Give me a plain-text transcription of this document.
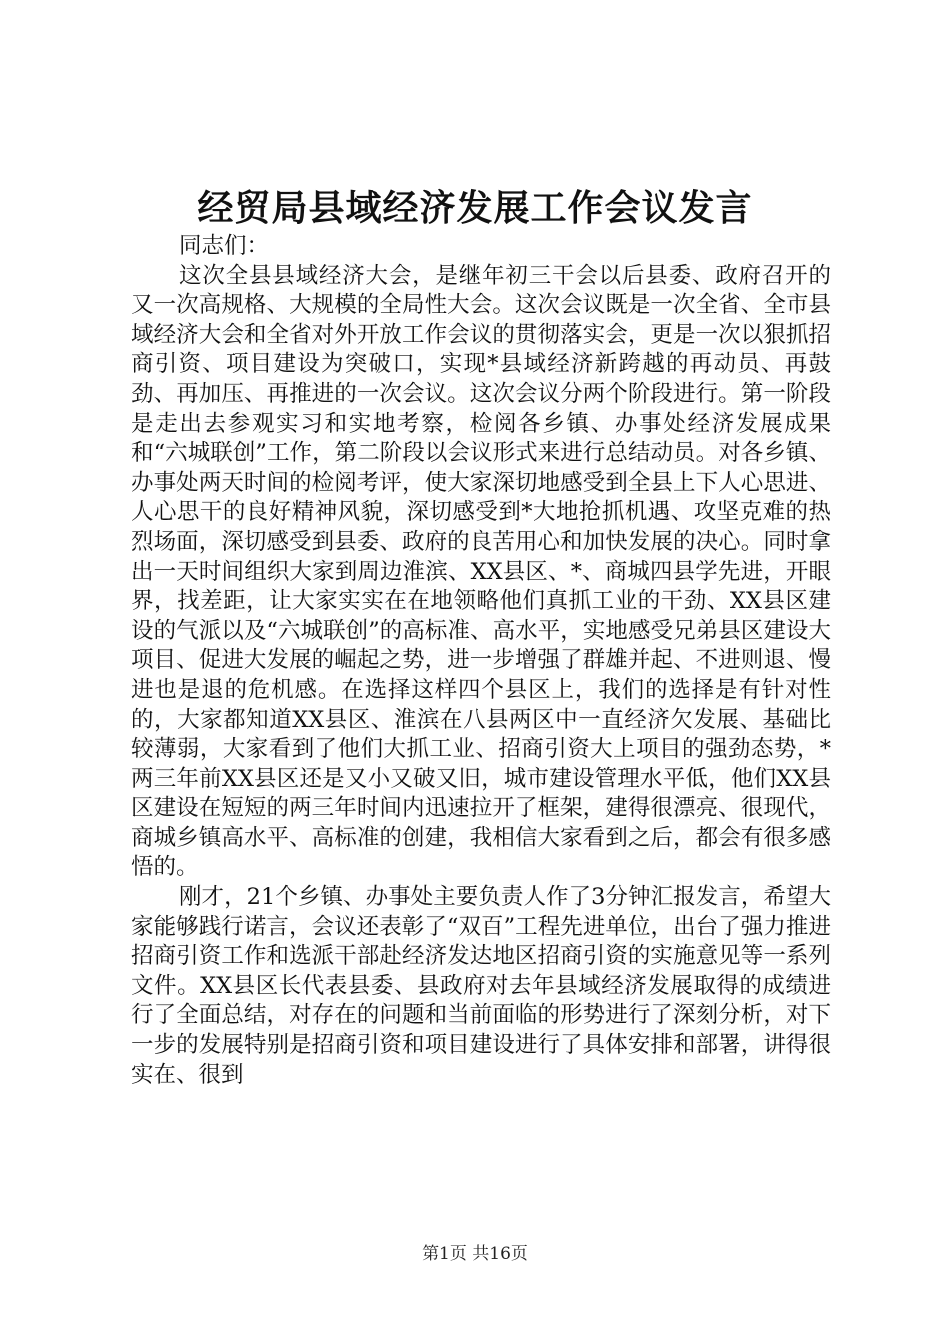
经贸局县域经济发展工作会议发言

同志们：

这次全县县域经济大会，是继年初三干会以后县委、政府召开的又一次高规格、大规模的全局性大会。这次会议既是一次全省、全市县域经济大会和全省对外开放工作会议的贯彻落实会，更是一次以狠抓招商引资、项目建设为突破口，实现*县域经济新跨越的再动员、再鼓劲、再加压、再推进的一次会议。这次会议分两个阶段进行。第一阶段是走出去参观实习和实地考察，检阅各乡镇、办事处经济发展成果和“六城联创”工作，第二阶段以会议形式来进行总结动员。对各乡镇、办事处两天时间的检阅考评，使大家深切地感受到全县上下人心思进、人心思干的良好精神风貌，深切感受到*大地抢抓机遇、攻坚克难的热烈场面，深切感受到县委、政府的良苦用心和加快发展的决心。同时拿出一天时间组织大家到周边淮滨、XX县区、*、商城四县学先进，开眼界，找差距，让大家实实在在地领略他们真抓工业的干劲、XX县区建设的气派以及“六城联创”的高标准、高水平，实地感受兄弟县区建设大项目、促进大发展的崛起之势，进一步增强了群雄并起、不进则退、慢进也是退的危机感。在选择这样四个县区上，我们的选择是有针对性的，大家都知道XX县区、淮滨在八县两区中一直经济欠发展、基础比较薄弱，大家看到了他们大抓工业、招商引资大上项目的强劲态势，*两三年前XX县区还是又小又破又旧，城市建设管理水平低，他们XX县区建设在短短的两三年时间内迅速拉开了框架，建得很漂亮、很现代，商城乡镇高水平、高标准的创建，我相信大家看到之后，都会有很多感悟的。

刚才，21个乡镇、办事处主要负责人作了3分钟汇报发言，希望大家能够践行诺言，会议还表彰了“双百”工程先进单位，出台了强力推进招商引资工作和选派干部赴经济发达地区招商引资的实施意见等一系列文件。XX县区长代表县委、县政府对去年县域经济发展取得的成绩进行了全面总结，对存在的问题和当前面临的形势进行了深刻分析，对下一步的发展特别是招商引资和项目建设进行了具体安排和部署，讲得很实在、很到

第1页 共16页
